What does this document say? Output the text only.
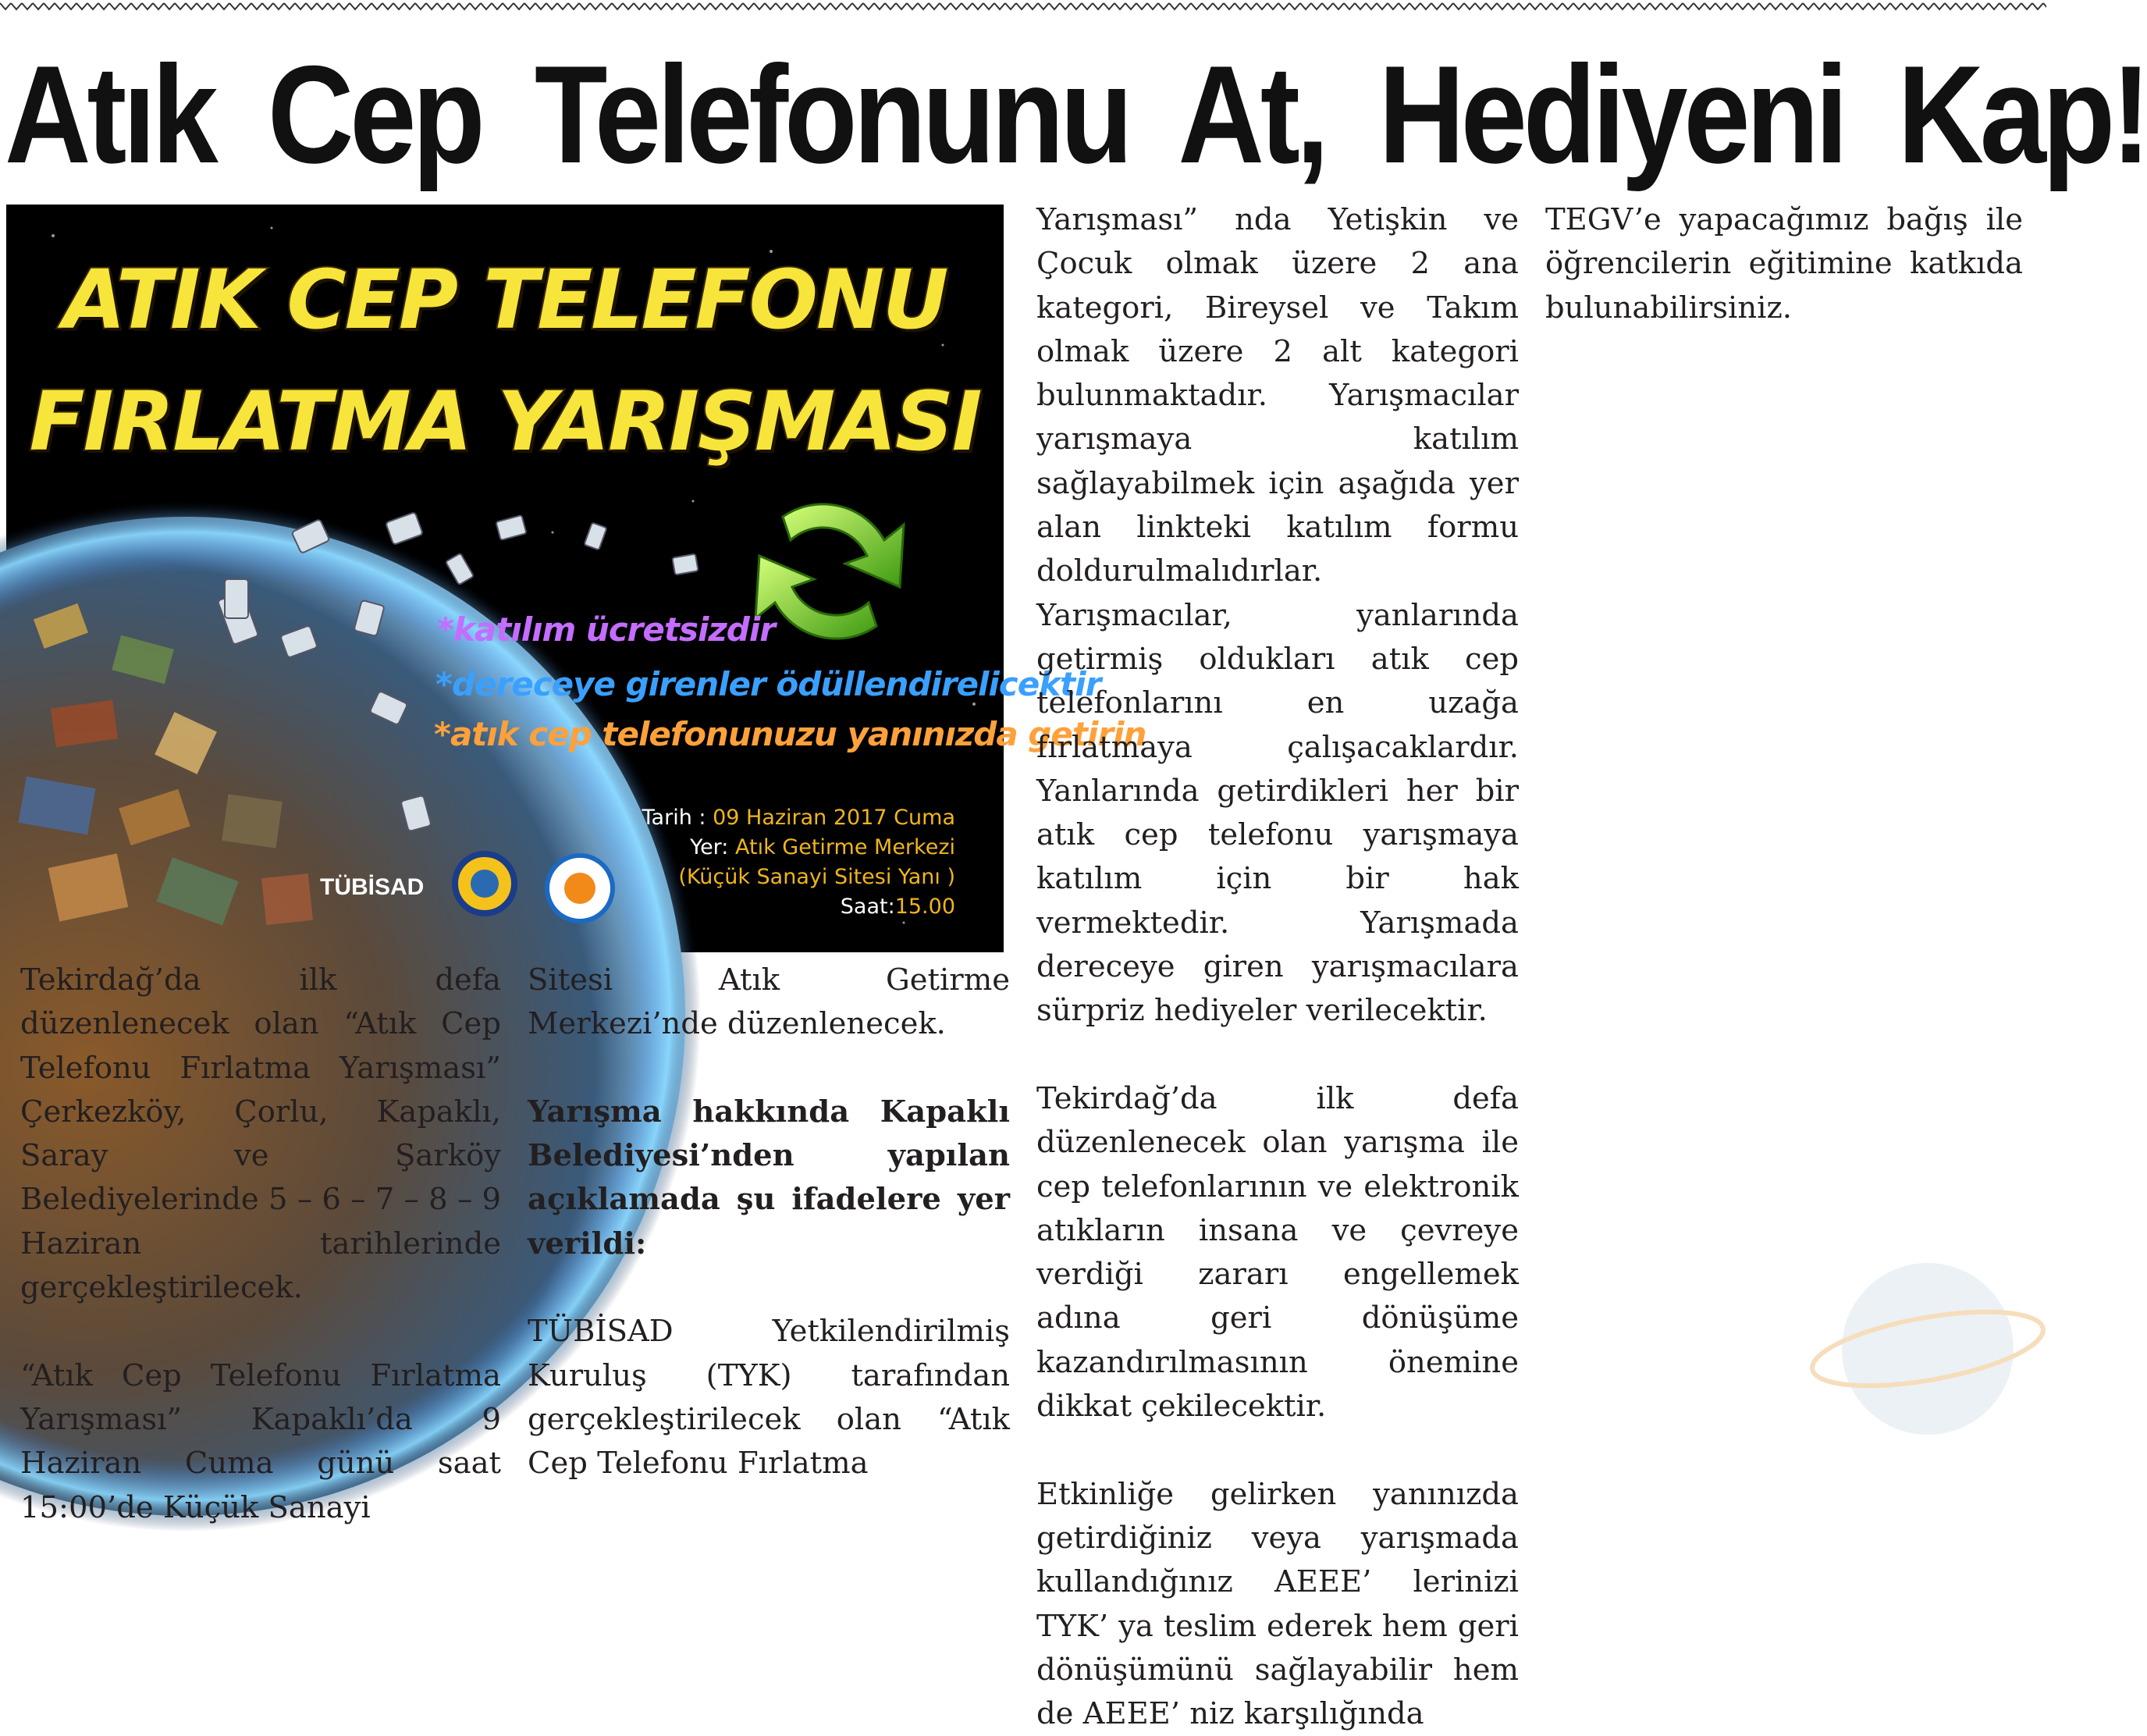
Atık Cep Telefonunu At, Hediyeni Kap!
ATIK CEP TELEFONU
FIRLATMA YARIŞMASI
*katılım ücretsizdir
*dereceye girenler ödüllendirelicektir
*atık cep telefonunuzu yanınızda getirin
Tarih : 09 Haziran 2017 Cuma
Yer: Atık Getirme Merkezi
(Küçük Sanayi Sitesi Yanı )
Saat:15.00
TÜBİSAD

Tekirdağ’da ilk defa düzenlenecek olan “Atık Cep Telefonu Fırlatma Yarışması” Çerkezköy, Çorlu, Kapaklı, Saray ve Şarköy Belediyelerinde 5 – 6 – 7 – 8 – 9 Haziran tarihlerinde gerçekleştirilecek.

“Atık Cep Telefonu Fırlatma Yarışması” Kapaklı’da 9 Haziran Cuma günü saat 15:00’de Küçük Sanayi

Sitesi Atık Getirme Merkezi’nde düzenlenecek.

Yarışma hakkında Kapaklı Belediyesi’nden yapılan açıklamada şu ifadelere yer verildi:

TÜBİSAD Yetkilendirilmiş Kuruluş (TYK) tarafından gerçekleştirilecek olan “Atık Cep Telefonu Fırlatma

Yarışması” nda Yetişkin ve Çocuk olmak üzere 2 ana kategori, Bireysel ve Takım olmak üzere 2 alt kategori bulunmaktadır. Yarışmacılar yarışmaya katılım sağlayabilmek için aşağıda yer alan linkteki katılım formu doldurulmalıdırlar. Yarışmacılar, yanlarında getirmiş oldukları atık cep telefonlarını en uzağa fırlatmaya çalışacaklardır. Yanlarında getirdikleri her bir atık cep telefonu yarışmaya katılım için bir hak vermektedir. Yarışmada dereceye giren yarışmacılara sürpriz hediyeler verilecektir.

Tekirdağ’da ilk defa düzenlenecek olan yarışma ile cep telefonlarının ve elektronik atıkların insana ve çevreye verdiği zararı engellemek adına geri dönüşüme kazandırılmasının önemine dikkat çekilecektir.

Etkinliğe gelirken yanınızda getirdiğiniz veya yarışmada kullandığınız AEEE’ lerinizi TYK’ ya teslim ederek hem geri dönüşümünü sağlayabilir hem de AEEE’ niz karşılığında

TEGV’e yapacağımız bağış ile öğrencilerin eğitimine katkıda bulunabilirsiniz.
